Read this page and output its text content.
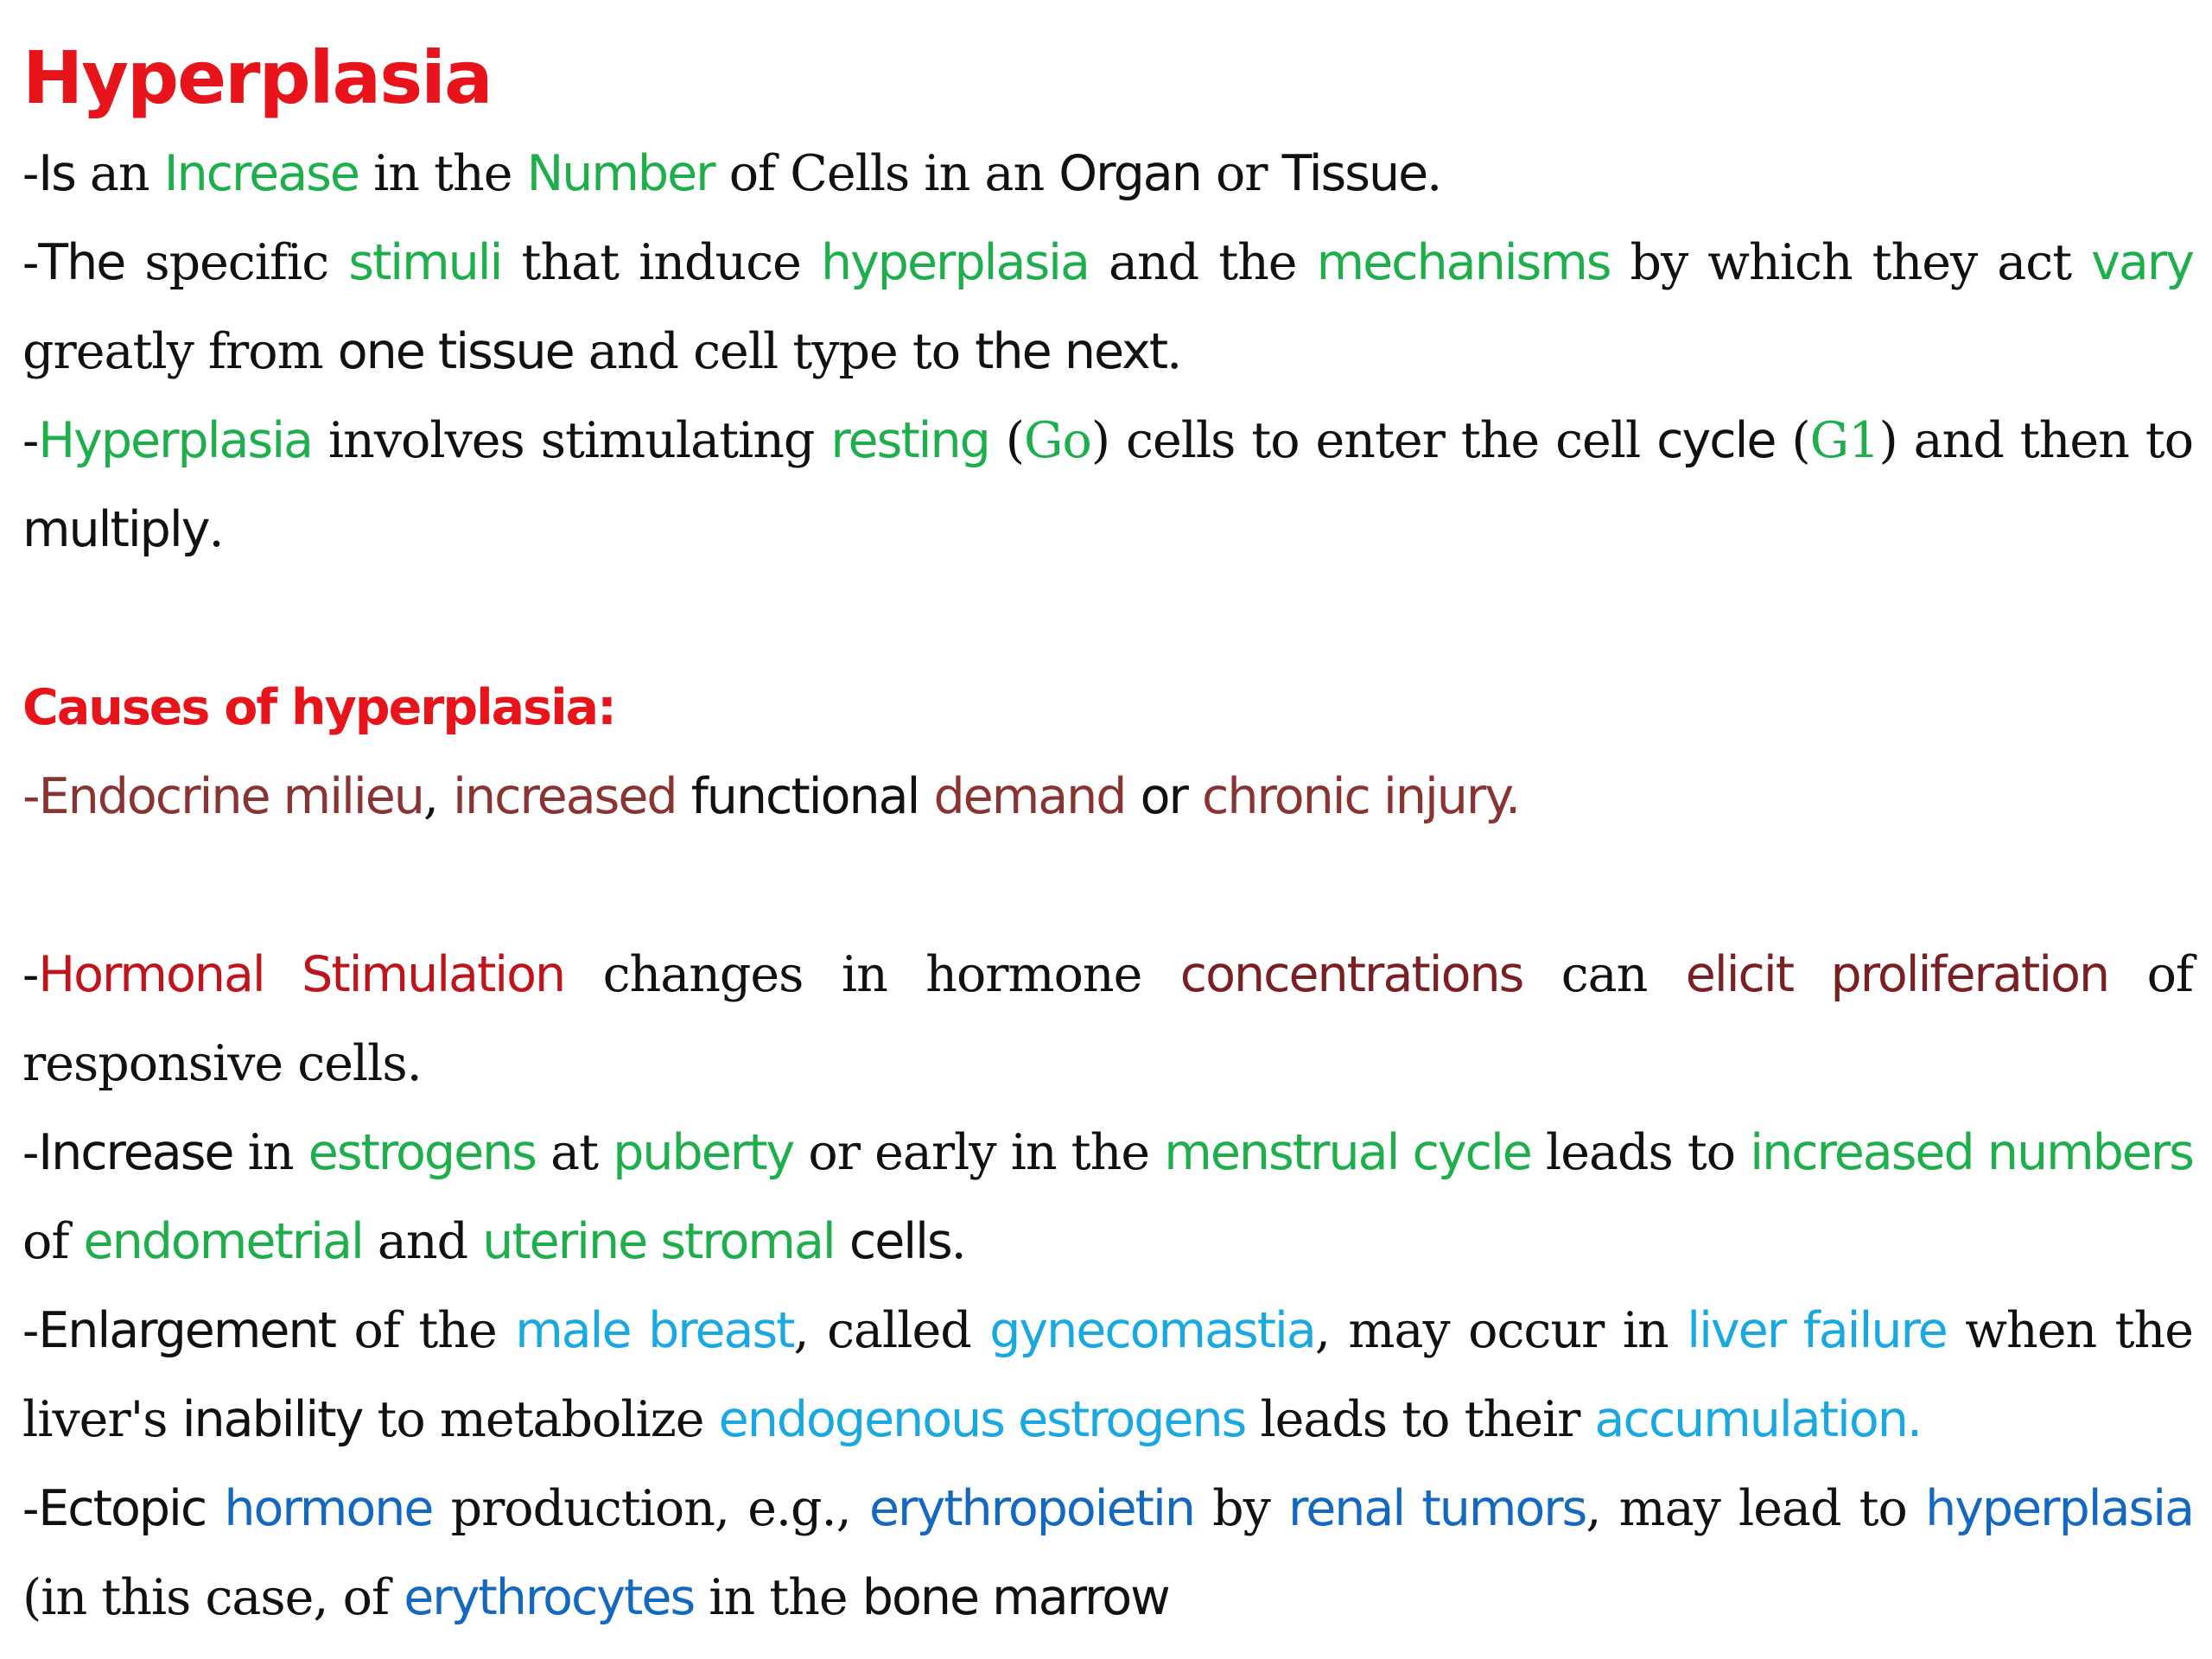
Hyperplasia

-Is an Increase in the Number of Cells in an Organ or Tissue.

-The specific stimuli that induce hyperplasia and the mechanisms by which they act vary greatly from one tissue and cell type to the next.

-Hyperplasia involves stimulating resting (Go) cells to enter the cell cycle (G1) and then to multiply.

Causes of hyperplasia:

-Endocrine milieu, increased functional demand or chronic injury.

-Hormonal Stimulation changes in hormone concentrations can elicit proliferation of responsive cells.

-Increase in estrogens at puberty or early in the menstrual cycle leads to increased numbers of endometrial and uterine stromal cells.

-Enlargement of the male breast, called gynecomastia, may occur in liver failure when the liver's inability to metabolize endogenous estrogens leads to their accumulation.

-Ectopic hormone production, e.g., erythropoietin by renal tumors, may lead to hyperplasia (in this case, of erythrocytes in the bone marrow
